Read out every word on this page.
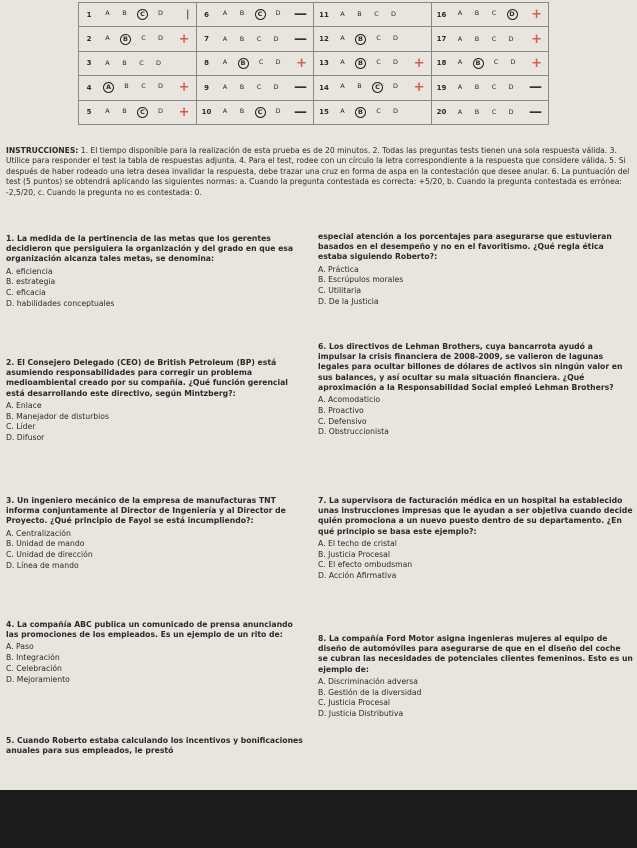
1	A	B	C	D |	6	A	B	C	D —	11	A	B	C	D	16	A	B	C	D +
2	A	B	C	D +	7	A	B	C	D —	12	A	B	C	D	17	A	B	C	D +
3	A	B	C	D	8	A	B	C	D +	13	A	B	C	D +	18	A	B	C	D +
4	A	B	C	D +	9	A	B	C	D —	14	A	B	C	D +	19	A	B	C	D —
5	A	B	C	D +	10	A	B	C	D —	15	A	B	C	D	20	A	B	C	D —
INSTRUCCIONES: 1. El tiempo disponible para la realización de esta prueba es de 20 minutos. 2. Todas las preguntas tests tienen una sola respuesta válida. 3. Utilice para responder el test la tabla de respuestas adjunta. 4. Para el test, rodee con un círculo la letra correspondiente a la respuesta que considere válida. 5. Si después de haber rodeado una letra desea invalidar la respuesta, debe trazar una cruz en forma de aspa en la contestación que desee anular. 6. La puntuación del test (5 puntos) se obtendrá aplicando las siguientes normas: a. Cuando la pregunta contestada es correcta: +5/20, b. Cuando la pregunta contestada es errónea: -2,5/20, c. Cuando la pregunta no es contestada: 0.

1. La medida de la pertinencia de las metas que los gerentes decidieron que persiguiera la organización y del grado en que esa organización alcanza tales metas, se denomina:

A. eficiencia
B. estrategia
C. eficacia
D. habilidades conceptuales

2. El Consejero Delegado (CEO) de British Petroleum (BP) está asumiendo responsabilidades para corregir un problema medioambiental creado por su compañía. ¿Qué función gerencial está desarrollando este directivo, según Mintzberg?:

A. Enlace
B. Manejador de disturbios
C. Líder
D. Difusor

3. Un ingeniero mecánico de la empresa de manufacturas TNT informa conjuntamente al Director de Ingeniería y al Director de Proyecto. ¿Qué principio de Fayol se está incumpliendo?:

A. Centralización
B. Unidad de mando
C. Unidad de dirección
D. Línea de mando

4. La compañía ABC publica un comunicado de prensa anunciando las promociones de los empleados. Es un ejemplo de un rito de:

A. Paso
B. Integración
C. Celebración
D. Mejoramiento

5. Cuando Roberto estaba calculando los incentivos y bonificaciones anuales para sus empleados, le prestó

especial atención a los porcentajes para asegurarse que estuvieran basados en el desempeño y no en el favoritismo. ¿Qué regla ética estaba siguiendo Roberto?:

A. Práctica
B. Escrúpulos morales
C. Utilitaria
D. De la Justicia

6. Los directivos de Lehman Brothers, cuya bancarrota ayudó a impulsar la crisis financiera de 2008-2009, se valieron de lagunas legales para ocultar billones de dólares de activos sin ningún valor en sus balances, y así ocultar su mala situación financiera. ¿Qué aproximación a la Responsabilidad Social empleó Lehman Brothers?

A. Acomodaticio
B. Proactivo
C. Defensivo
D. Obstruccionista

7. La supervisora de facturación médica en un hospital ha establecido unas instrucciones impresas que le ayudan a ser objetiva cuando decide quién promociona a un nuevo puesto dentro de su departamento. ¿En qué principio se basa este ejemplo?:

A. El techo de cristal
B. Justicia Procesal
C. El efecto ombudsman
D. Acción Afirmativa

8. La compañía Ford Motor asigna ingenieras mujeres al equipo de diseño de automóviles para asegurarse de que en el diseño del coche se cubran las necesidades de potenciales clientes femeninos. Esto es un ejemplo de:

A. Discriminación adversa
B. Gestión de la diversidad
C. Justicia Procesal
D. Justicia Distributiva
